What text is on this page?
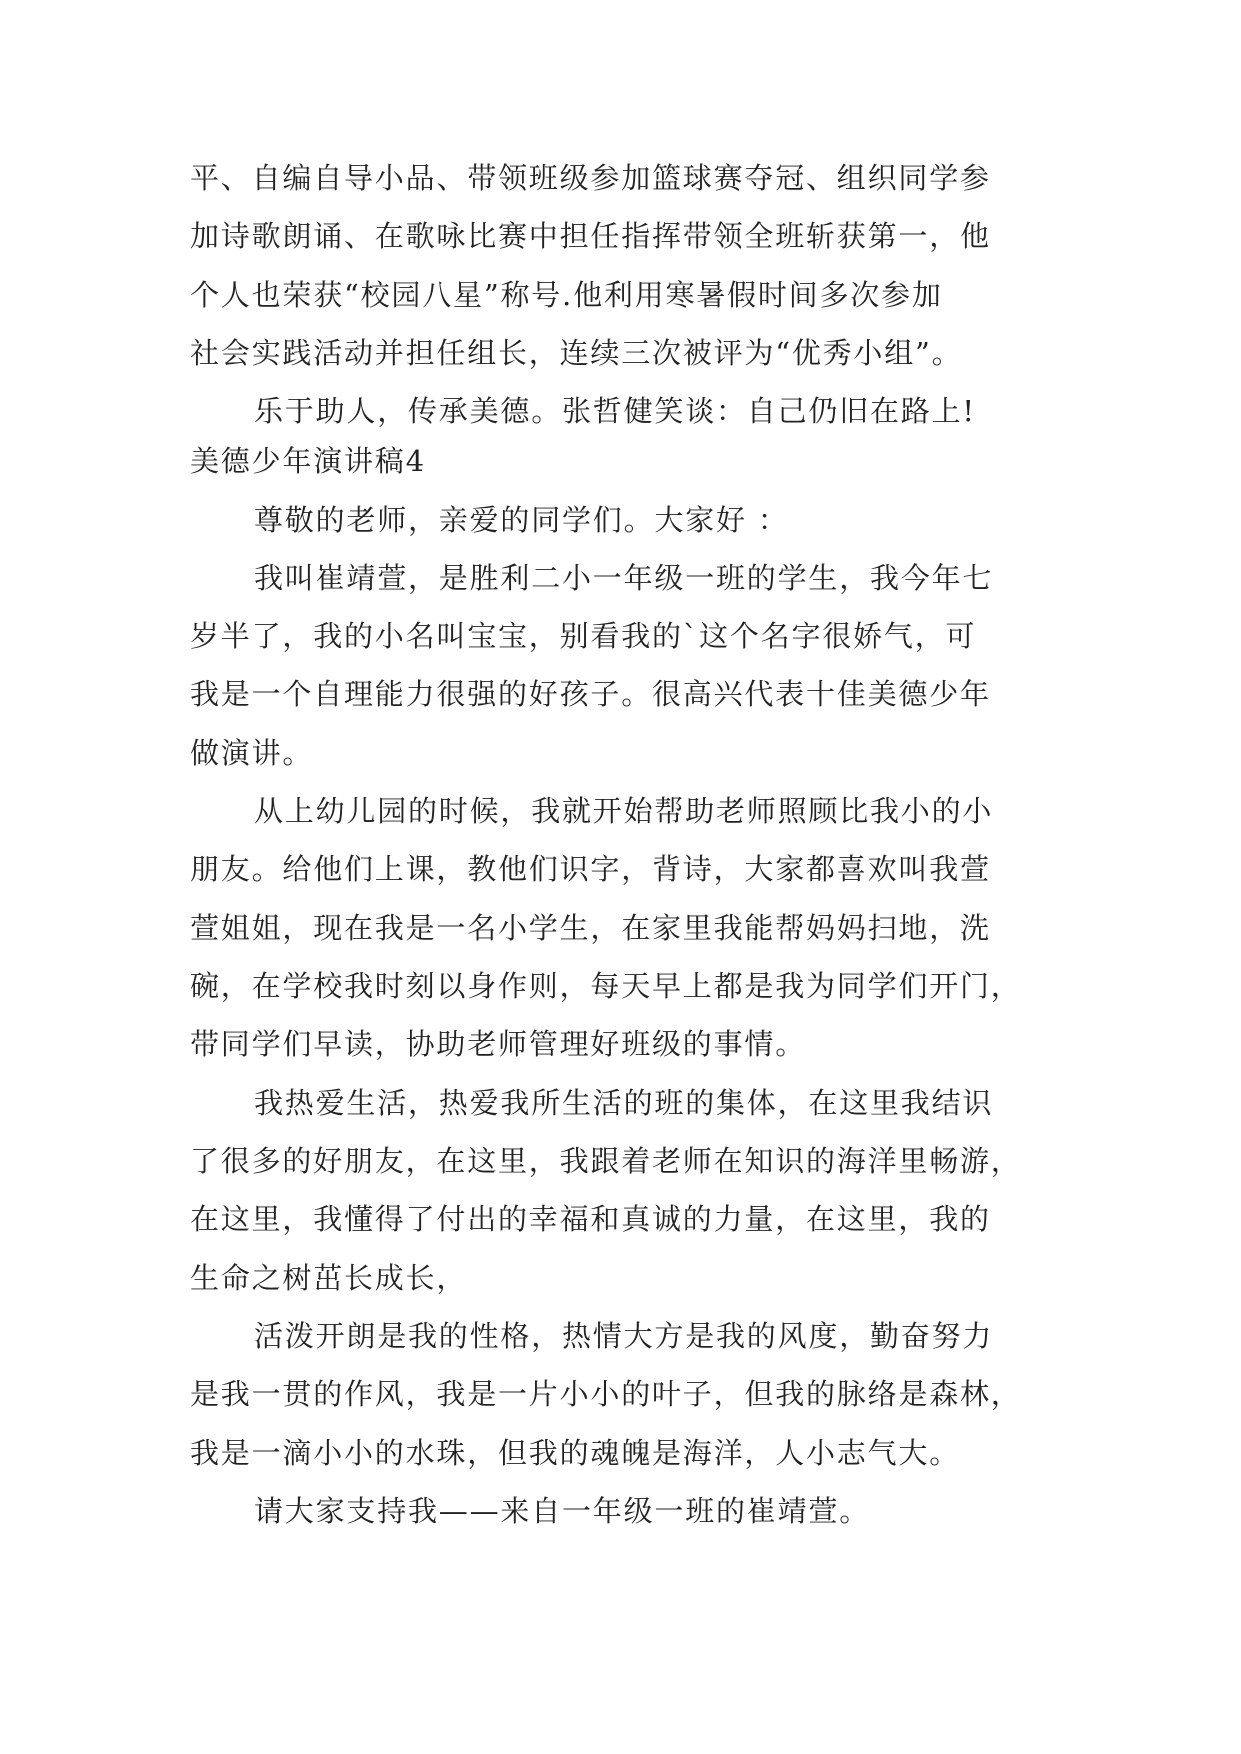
平、自编自导小品、带领班级参加篮球赛夺冠、组织同学参
加诗歌朗诵、在歌咏比赛中担任指挥带领全班斩获第一，他
个人也荣获“校园八星”称号.他利用寒暑假时间多次参加
社会实践活动并担任组长，连续三次被评为“优秀小组”。
乐于助人，传承美德。张哲健笑谈：自己仍旧在路上!
美德少年演讲稿4
尊敬的老师，亲爱的同学们。大家好 ：
我叫崔靖萱，是胜利二小一年级一班的学生，我今年七
岁半了，我的小名叫宝宝，别看我的`这个名字很娇气，可
我是一个自理能力很强的好孩子。很高兴代表十佳美德少年
做演讲。
从上幼儿园的时候，我就开始帮助老师照顾比我小的小
朋友。给他们上课，教他们识字，背诗，大家都喜欢叫我萱
萱姐姐，现在我是一名小学生，在家里我能帮妈妈扫地，洗
碗，在学校我时刻以身作则，每天早上都是我为同学们开门，
带同学们早读，协助老师管理好班级的事情。
我热爱生活，热爱我所生活的班的集体，在这里我结识
了很多的好朋友，在这里，我跟着老师在知识的海洋里畅游，
在这里，我懂得了付出的幸福和真诚的力量，在这里，我的
生命之树茁长成长，
活泼开朗是我的性格，热情大方是我的风度，勤奋努力
是我一贯的作风，我是一片小小的叶子，但我的脉络是森林，
我是一滴小小的水珠，但我的魂魄是海洋，人小志气大。
请大家支持我——来自一年级一班的崔靖萱。
